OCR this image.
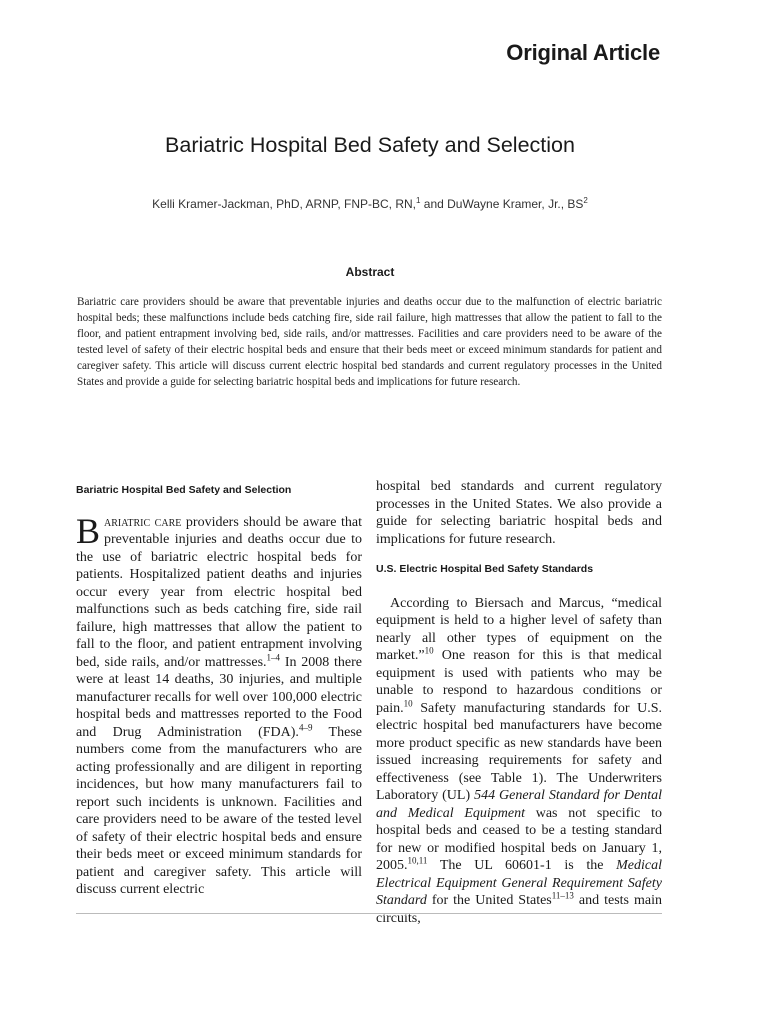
Original Article
Bariatric Hospital Bed Safety and Selection
Kelli Kramer-Jackman, PhD, ARNP, FNP-BC, RN,$^1$ and DuWayne Kramer, Jr., $BS^2$
Abstract
Bariatric care providers should be aware that preventable injuries and deaths occur due to the malfunction of electric bariatric hospital beds; these malfunctions include beds catching fire, side rail failure, high mattresses that allow the patient to fall to the floor, and patient entrapment involving bed, side rails, and/or mattresses. Facilities and care providers need to be aware of the tested level of safety of their electric hospital beds and ensure that their beds meet or exceed minimum standards for patient and caregiver safety. This article will discuss current electric hospital bed standards and current regulatory processes in the United States and provide a guide for selecting bariatric hospital beds and implications for future research.
Bariatric Hospital Bed Safety and Selection

Bariatric care providers should be aware that preventable injuries and deaths occur due to the use of bariatric electric hospital beds for patients. Hospitalized patient deaths and injuries occur every year from electric hospital bed malfunctions such as beds catching fire, side rail failure, high mattresses that allow the patient to fall to the floor, and patient entrapment involving bed, side rails, and/or mattresses.$^{1-4}$ In 2008 there were at least 14 deaths, 30 injuries, and multiple manufacturer recalls for well over 100,000 electric hospital beds and mattresses reported to the Food and Drug Administration (FDA).$^{4-9}$ These numbers come from the manufacturers who are acting professionally and are diligent in reporting incidences, but how many manufacturers fail to report such incidents is unknown. Facilities and care providers need to be aware of the tested level of safety of their electric hospital beds and ensure their beds meet or exceed minimum standards for patient and caregiver safety. This article will discuss current electric

hospital bed standards and current regulatory processes in the United States. We also provide a guide for selecting bariatric hospital beds and implications for future research.

U.S. Electric Hospital Bed Safety Standards

According to Biersach and Marcus, “medical equipment is held to a higher level of safety than nearly all other types of equipment on the market.”$^{10}$ One reason for this is that medical equipment is used with patients who may be unable to respond to hazardous conditions or pain.$^{10}$ Safety manufacturing standards for U.S. electric hospital bed manufacturers have become more product specific as new standards have been issued increasing requirements for safety and effectiveness (see Table 1). The Underwriters Laboratory (UL) 544 General Standard for Dental and Medical Equipment was not specific to hospital beds and ceased to be a testing standard for new or modified hospital beds on January 1, 2005.$^{10,11}$ The UL 60601-1 is the Medical Electrical Equipment General Requirement Safety Standard for the United States$^{11-13}$ and tests main circuits,
